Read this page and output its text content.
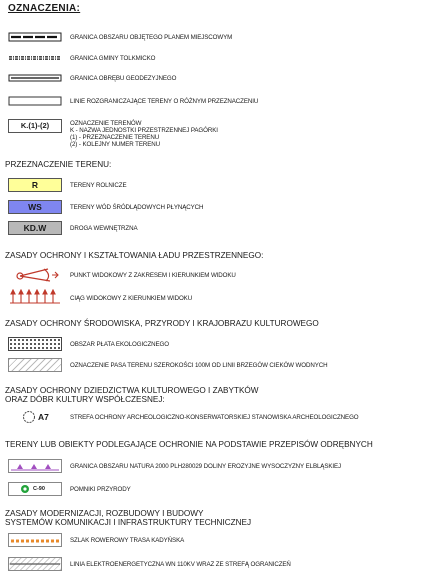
OZNACZENIA:
GRANICA OBSZARU OBJĘTEGO PLANEM MIEJSCOWYM
GRANICA GMINY TOLKMICKO
GRANICA OBRĘBU GEODEZYJNEGO
LINIE ROZGRANICZAJĄCE TERENY O RÓŻNYM PRZEZNACZENIU
K.(1)-(2)	OZNACZENIE TERENÓW
K - NAZWA JEDNOSTKI PRZESTRZENNEJ PAGÓRKI
(1) - PRZEZNACZENIE TERENU
(2) - KOLEJNY NUMER TERENU
PRZEZNACZENIE TERENU:
R	TERENY ROLNICZE
WS	TERENY WÓD ŚRÓDLĄDOWYCH PŁYNĄCYCH
KD.W	DROGA WEWNĘTRZNA
ZASADY OCHRONY I KSZTAŁTOWANIA ŁADU PRZESTRZENNEGO:
PUNKT WIDOKOWY Z ZAKRESEM I KIERUNKIEM WIDOKU
CIĄG WIDOKOWY Z KIERUNKIEM WIDOKU
ZASADY OCHRONY ŚRODOWISKA, PRZYRODY I KRAJOBRAZU KULTUROWEGO
OBSZAR PŁATA EKOLOGICZNEGO
OZNACZENIE PASA TERENU SZEROKOŚCI 100M OD LINII BRZEGÓW CIEKÓW WODNYCH
ZASADY OCHRONY DZIEDZICTWA KULTUROWEGO I ZABYTKÓW
ORAZ DÓBR KULTURY WSPÓŁCZESNEJ:
A7	STREFA OCHRONY ARCHEOLOGICZNO-KONSERWATORSKIEJ STANOWISKA ARCHEOLOGICZNEGO
TERENY LUB OBIEKTY PODLEGAJĄCE OCHRONIE NA PODSTAWIE PRZEPISÓW ODRĘBNYCH
GRANICA OBSZARU NATURA 2000 PLH280029 DOLINY EROZYJNE WYSOCZYZNY ELBLĄSKIEJ
C-90	POMNIKI PRZYRODY
ZASADY MODERNIZACJI, ROZBUDOWY I BUDOWY
SYSTEMÓW KOMUNIKACJI I INFRASTRUKTURY TECHNICZNEJ
SZLAK ROWEROWY TRASA KADYŃSKA
LINIA ELEKTROENERGETYCZNA WN 110KV WRAZ ZE STREFĄ OGRANICZEŃ
